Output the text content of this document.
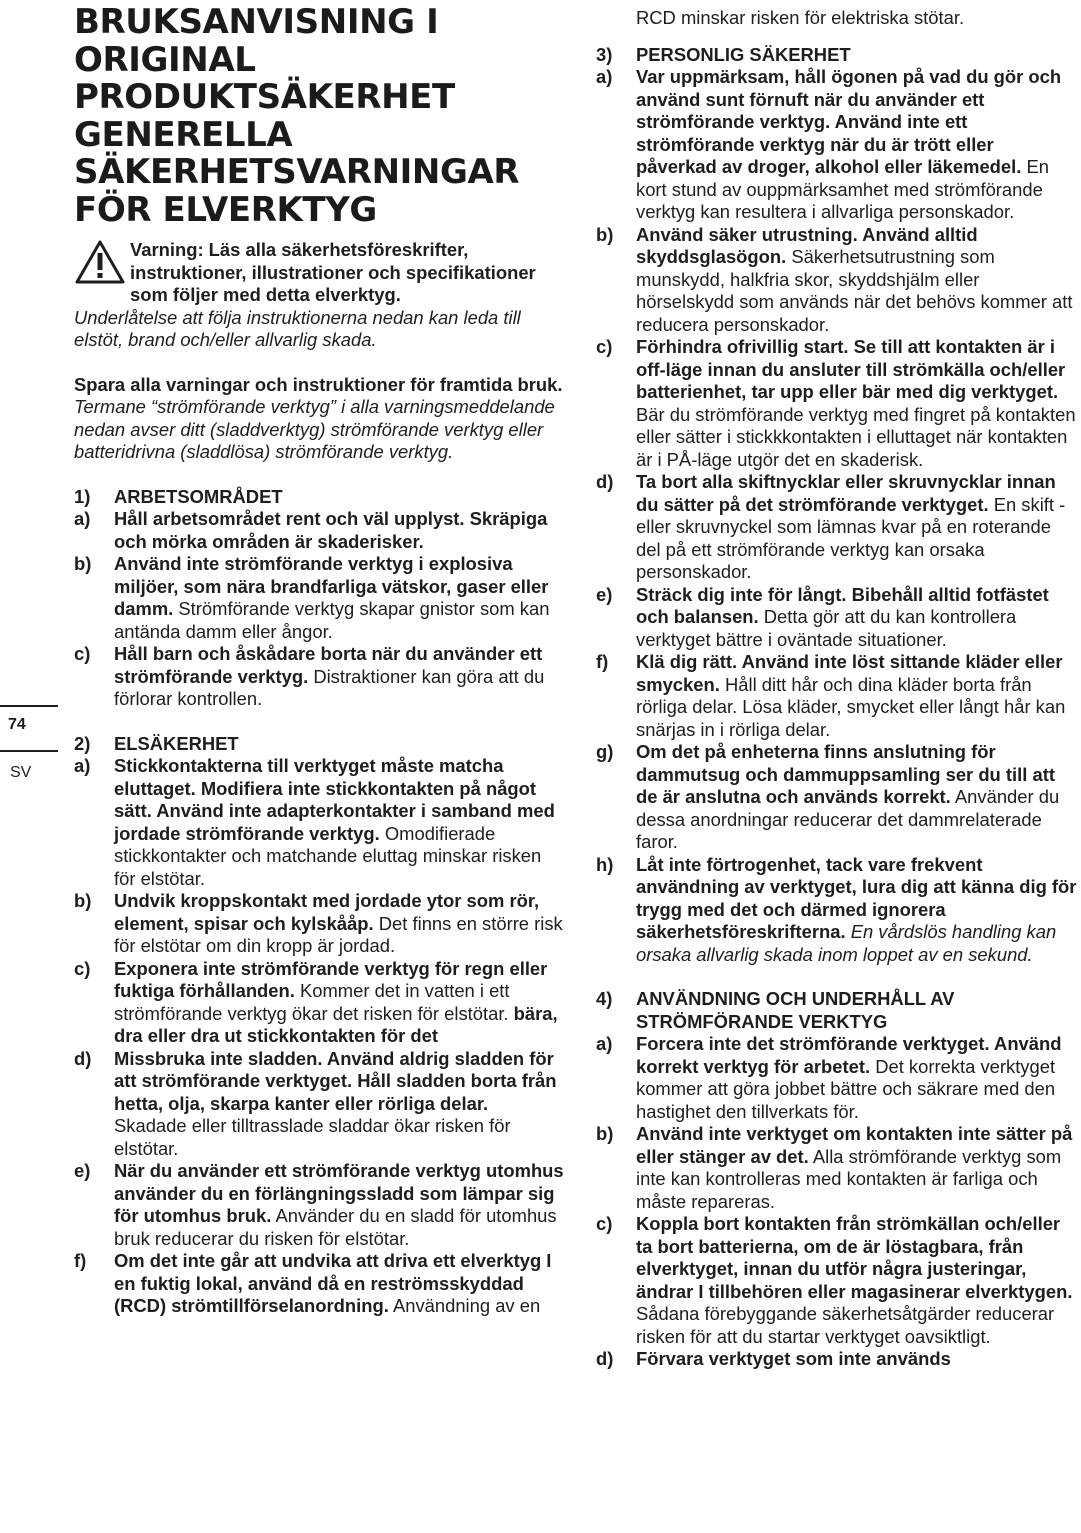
74
SV
BRUKSANVISNING I
ORIGINAL
PRODUKTSÄKERHET
GENERELLA
SÄKERHETSVARNINGAR
FÖR ELVERKTYG
Varning: Läs alla säkerhetsföreskrifter, instruktioner, illustrationer och specifikationer som följer med detta elverktyg.

Underlåtelse att följa instruktionerna nedan kan leda till elstöt, brand och/eller allvarlig skada.

Spara alla varningar och instruktioner för framtida bruk.

Termane “strömförande verktyg” i alla varningsmeddelande nedan avser ditt (sladdverktyg) strömförande verktyg eller batteridrivna (sladdlösa) strömförande verktyg.

1)	ARBETSOMRÅDET
a)	Håll arbetsområdet rent och väl upplyst. Skräpiga och mörka områden är skaderisker.
b)	Använd inte strömförande verktyg i explosiva miljöer, som nära brandfarliga vätskor, gaser eller damm. Strömförande verktyg skapar gnistor som kan antända damm eller ångor.
c)	Håll barn och åskådare borta när du använder ett strömförande verktyg. Distraktioner kan göra att du förlorar kontrollen.
2)	ELSÄKERHET
a)	Stickkontakterna till verktyget måste matcha eluttaget. Modifiera inte stickkontakten på något sätt. Använd inte adapterkontakter i samband med jordade strömförande verktyg. Omodifierade stickkontakter och matchande eluttag minskar risken för elstötar.
b)	Undvik kroppskontakt med jordade ytor som rör, element, spisar och kylskååp. Det finns en större risk för elstötar om din kropp är jordad.
c)	Exponera inte strömförande verktyg för regn eller fuktiga förhållanden. Kommer det in vatten i ett strömförande verktyg ökar det risken för elstötar. bära, dra eller dra ut stickkontakten för det
d)	Missbruka inte sladden. Använd aldrig sladden för att strömförande verktyget. Håll sladden borta från hetta, olja, skarpa kanter eller rörliga delar. Skadade eller tilltrasslade sladdar ökar risken för elstötar.
e)	När du använder ett strömförande verktyg utomhus använder du en förlängningssladd som lämpar sig för utomhus bruk. Använder du en sladd för utomhus bruk reducerar du risken för elstötar.
f)	Om det inte går att undvika att driva ett elverktyg I en fuktig lokal, använd då en reströmsskyddad (RCD) strömtillförselanordning. Användning av en

RCD minskar risken för elektriska stötar.

3)	PERSONLIG SÄKERHET
a)	Var uppmärksam, håll ögonen på vad du gör och använd sunt förnuft när du använder ett strömförande verktyg. Använd inte ett strömförande verktyg när du är trött eller påverkad av droger, alkohol eller läkemedel. En kort stund av ouppmärksamhet med strömförande verktyg kan resultera i allvarliga personskador.
b)	Använd säker utrustning. Använd alltid skyddsglasögon. Säkerhetsutrustning som munskydd, halkfria skor, skyddshjälm eller hörselskydd som används när det behövs kommer att reducera personskador.
c)	Förhindra ofrivillig start. Se till att kontakten är i off-läge innan du ansluter till strömkälla och/eller batterienhet, tar upp eller bär med dig verktyget. Bär du strömförande verktyg med fingret på kontakten eller sätter i stickkkontakten i elluttaget när kontakten är i PÅ-läge utgör det en skaderisk.
d)	Ta bort alla skiftnycklar eller skruvnycklar innan du sätter på det strömförande verktyget. En skift - eller skruvnyckel som lämnas kvar på en roterande del på ett strömförande verktyg kan orsaka personskador.
e)	Sträck dig inte för långt. Bibehåll alltid fotfästet och balansen. Detta gör att du kan kontrollera verktyget bättre i oväntade situationer.
f)	Klä dig rätt. Använd inte löst sittande kläder eller smycken. Håll ditt hår och dina kläder borta från rörliga delar. Lösa kläder, smycket eller långt hår kan snärjas in i rörliga delar.
g)	Om det på enheterna finns anslutning för dammutsug och dammuppsamling ser du till att de är anslutna och används korrekt. Använder du dessa anordningar reducerar det dammrelaterade faror.
h)	Låt inte förtrogenhet, tack vare frekvent användning av verktyget, lura dig att känna dig för trygg med det och därmed ignorera säkerhetsföreskrifterna. En vårdslös handling kan orsaka allvarlig skada inom loppet av en sekund.
4)	ANVÄNDNING OCH UNDERHÅLL AV STRÖMFÖRANDE VERKTYG
a)	Forcera inte det strömförande verktyget. Använd korrekt verktyg för arbetet. Det korrekta verktyget kommer att göra jobbet bättre och säkrare med den hastighet den tillverkats för.
b)	Använd inte verktyget om kontakten inte sätter på eller stänger av det. Alla strömförande verktyg som inte kan kontrolleras med kontakten är farliga och måste repareras.
c)	Koppla bort kontakten från strömkällan och/eller ta bort batterierna, om de är löstagbara, från elverktyget, innan du utför några justeringar, ändrar I tillbehören eller magasinerar elverktygen. Sådana förebyggande säkerhetsåtgärder reducerar risken för att du startar verktyget oavsiktligt.
d)	Förvara verktyget som inte används
